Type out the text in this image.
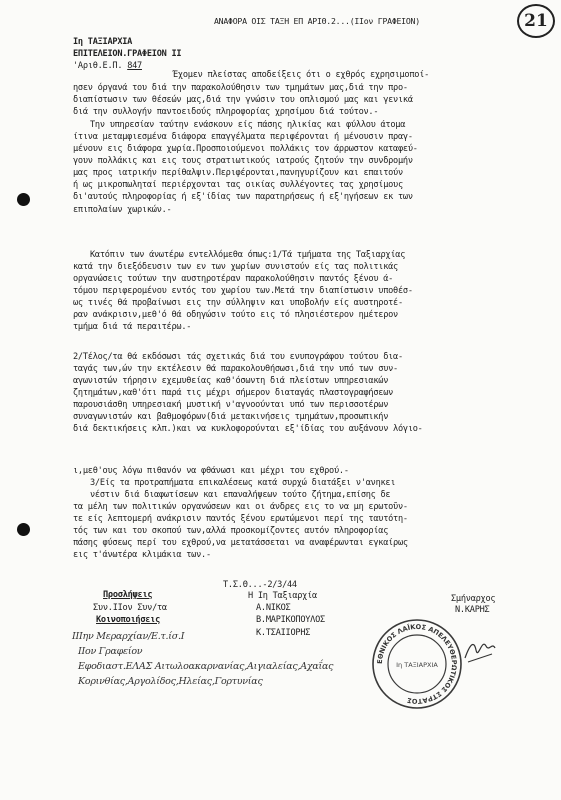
21
ΑΝΑΦΟΡΑ ΟΙΣ ΤΑΞΗ ΕΠ ΑΡΙΘ.2...(ΙΙον ΓΡΑΦΕΙΟΝ)
Ιη ΤΑΞΙΑΡΧΙΑ
ΕΠΙΤΕΛΕΙΟΝ.ΓΡΑΦΕΙΟΝ ΙΙ
'Αριθ.Ε.Π. 847
Έχομεν πλείστας αποδείξεις ότι ο εχθρός εχρησιμοποί-
ησεν όργανά του διά την παρακολούθησιν των τμημάτων μας,διά την προ-
διαπίστωσιν των θέσεών μας,διά την γνώσιν του οπλισμού μας και γενικά
διά την συλλογήν παντοειδούς πληροφορίας χρησίμου διά τούτον.-
Την υπηρεσίαν ταύτην ενάσκουν είς πάσης ηλικίας και φύλλου άτομα
ίτινα μεταμφιεσμένα διάφορα επαγγέλματα περιφέρονται ή μένουσιν πραγ-
μένουν εις διάφορα χωρία.Προσποιούμενοι πολλάκις τον άρρωστον καταφεύ-
γουν πολλάκις και εις τους στρατιωτικούς ιατρούς ζητούν την συνδρομήν
μας προς ιατρικήν περίθαλψιν.Περιφέρονται,πανηγυρίζουν και επαιτούν
ή ως μικροπωληταί περιέρχονται τας οικίας συλλέγοντες τας χρησίμους
δι'αυτούς πληροφορίας ή εξ'ίδίας των παρατηρήσεως ή εξ'ηγήσεων εκ των
επιπολαίων χωρικών.-
Κατόπιν των άνωτέρω εντελλόμεθα όπως:1/Τά τμήματα της Ταξιαρχίας
κατά την διεξόδευσιν των εν των χωρίων συνιστούν είς τας πολιτικάς
οργανώσεις τούτων την αυστηροτέραν παρακολούθησιν παντός ξένου ά-
τόμου περιφερομένου εντός του χωρίου των.Μετά την διαπίστωσιν υποθέσ-
ως τινές θά προβαίνωσι εις την σύλληψιν και υποβολήν είς αυστηροτέ-
ραν ανάκρισιν,μεθ'ό θά οδηγώσιν τούτο εις τό πλησιέστερον ημέτερον
τμήμα διά τά περαιτέρω.-
2/Τέλος/τα θά εκδόσωσι τάς σχετικάς διά του ενυπογράφου τούτου δια-
ταγάς των,ών την εκτέλεσιν θά παρακολουθήσωσι,διά την υπό των συν-
αγωνιστών τήρησιν εχεμυθείας καθ'όσωντη διά πλείστων υπηρεσιακών
ζητημάτων,καθ'ότι παρά τις μέχρι σήμερον διαταγάς πλαστογραφήσεων
παρουσιάσθη υπηρεσιακή μυστική ν'αγνοούνται υπό των περισσοτέρων
συναγωνιστών και βαθμοφόρων(διά μετακινήσεις τμημάτων,προσωπικήν
διά δεκτικήσεις κλπ.)και να κυκλοφορούνται εξ'ίδίας του αυξάνουν λόγιο-
ι,μεθ'ους λόγω πιθανόν να φθάνωσι και μέχρι του εχθρού.-
3/Είς τα προτραπήματα επικαλέσεως κατά συρχώ διατάξει ν'ανηκει
νέστιν διά διαφωτίσεων και επαναλήψεων τούτο ζήτημα,επίσης δε
τα μέλη των πολιτικών οργανώσεων και οι άνδρες εις το να μη ερωτοῦν-
τε είς λεπτομερή ανάκρισιν παντός ξένου ερωτώμενοι περί της ταυτότη-
τός των και του σκοπού των,αλλά προσκομίζοντες αυτόν πληροφορίας
πάσης φύσεως περί του εχθρού,να μετατάσσεται να αναφέρωνται εγκαίρως
εις τ'άνωτέρα κλιμάκια των.-
Τ.Σ.Θ...-2/3/44
Η Ιη Ταξιαρχία
Α.ΝΙΚΟΣ
Β.ΜΑΡΙΚΟΠΟΥΛΟΣ
Κ.ΤΣΑΙΙΟΡΗΣ
Σμήναρχος
Ν.ΚΑΡΗΣ
Προσλήψεις
Συν.ΙΙον Συν/τα
Κοινοποιήσεις
ΙΙΙην Μεραρχίαν/Ε.τ.ίσ.Ι
ΙΙον Γραφείον
Εφοδιαστ.ΕΛΑΣ Αιτωλοακαρνανίας,Αιγιαλείας,Αχαΐας
Κορινθίας,Αργολίδος,Ηλείας,Γορτυνίας
ΕΘΝΙΚΟΣ ΛΑΪΚΟΣ ΑΠΕΛΕΥΘΕΡΩΤΙΚΟΣ ΣΤΡΑΤΟΣ
Ιη ΤΑΞΙΑΡΧΙΑ
